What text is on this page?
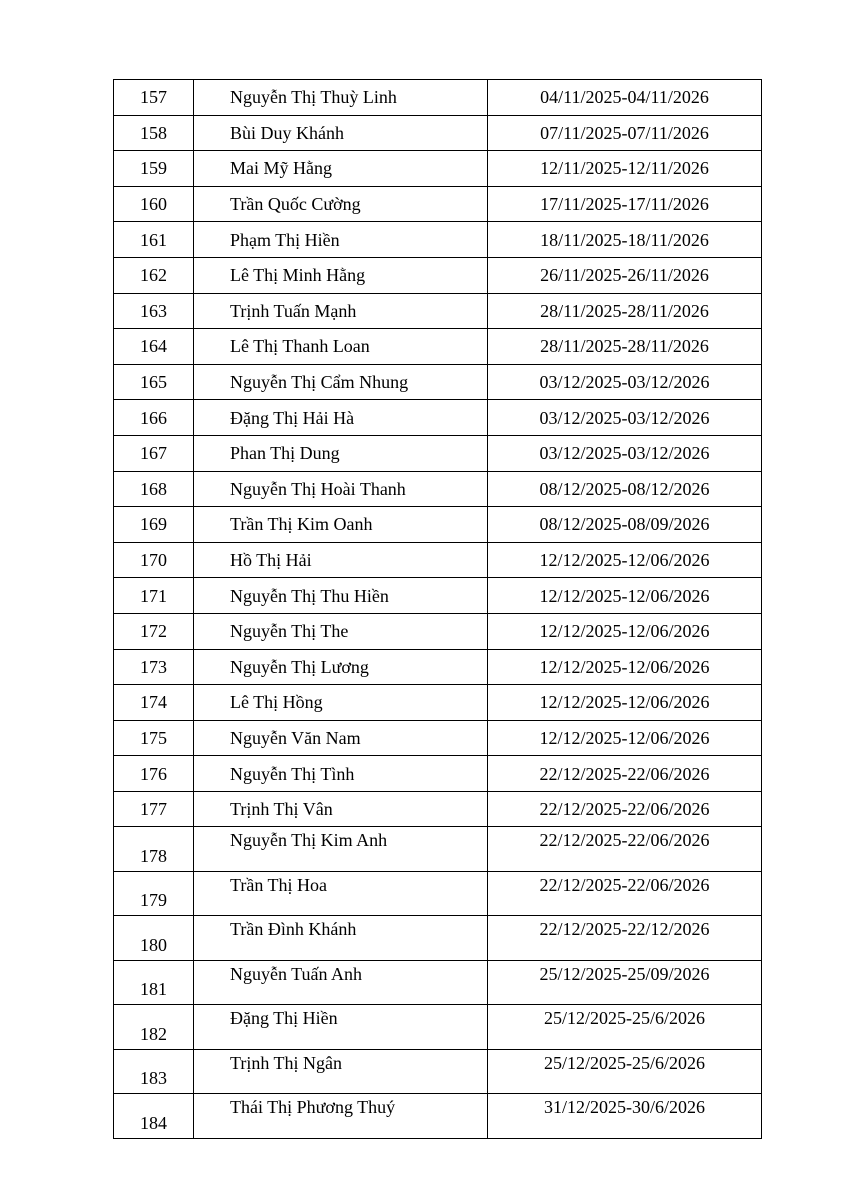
157	Nguyễn Thị Thuỳ Linh	04/11/2025-04/11/2026
158	Bùi Duy Khánh	07/11/2025-07/11/2026
159	Mai Mỹ Hằng	12/11/2025-12/11/2026
160	Trần Quốc Cường	17/11/2025-17/11/2026
161	Phạm Thị Hiền	18/11/2025-18/11/2026
162	Lê Thị Minh Hằng	26/11/2025-26/11/2026
163	Trịnh Tuấn Mạnh	28/11/2025-28/11/2026
164	Lê Thị Thanh Loan	28/11/2025-28/11/2026
165	Nguyễn Thị Cẩm Nhung	03/12/2025-03/12/2026
166	Đặng Thị Hải Hà	03/12/2025-03/12/2026
167	Phan Thị Dung	03/12/2025-03/12/2026
168	Nguyễn Thị Hoài Thanh	08/12/2025-08/12/2026
169	Trần Thị Kim Oanh	08/12/2025-08/09/2026
170	Hồ Thị Hải	12/12/2025-12/06/2026
171	Nguyễn Thị Thu Hiền	12/12/2025-12/06/2026
172	Nguyễn Thị The	12/12/2025-12/06/2026
173	Nguyễn Thị Lương	12/12/2025-12/06/2026
174	Lê Thị Hồng	12/12/2025-12/06/2026
175	Nguyễn Văn Nam	12/12/2025-12/06/2026
176	Nguyễn Thị Tình	22/12/2025-22/06/2026
177	Trịnh Thị Vân	22/12/2025-22/06/2026
178	Nguyễn Thị Kim Anh	22/12/2025-22/06/2026
179	Trần Thị Hoa	22/12/2025-22/06/2026
180	Trần Đình Khánh	22/12/2025-22/12/2026
181	Nguyễn Tuấn Anh	25/12/2025-25/09/2026
182	Đặng Thị Hiền	25/12/2025-25/6/2026
183	Trịnh Thị Ngân	25/12/2025-25/6/2026
184	Thái Thị Phương Thuý	31/12/2025-30/6/2026
